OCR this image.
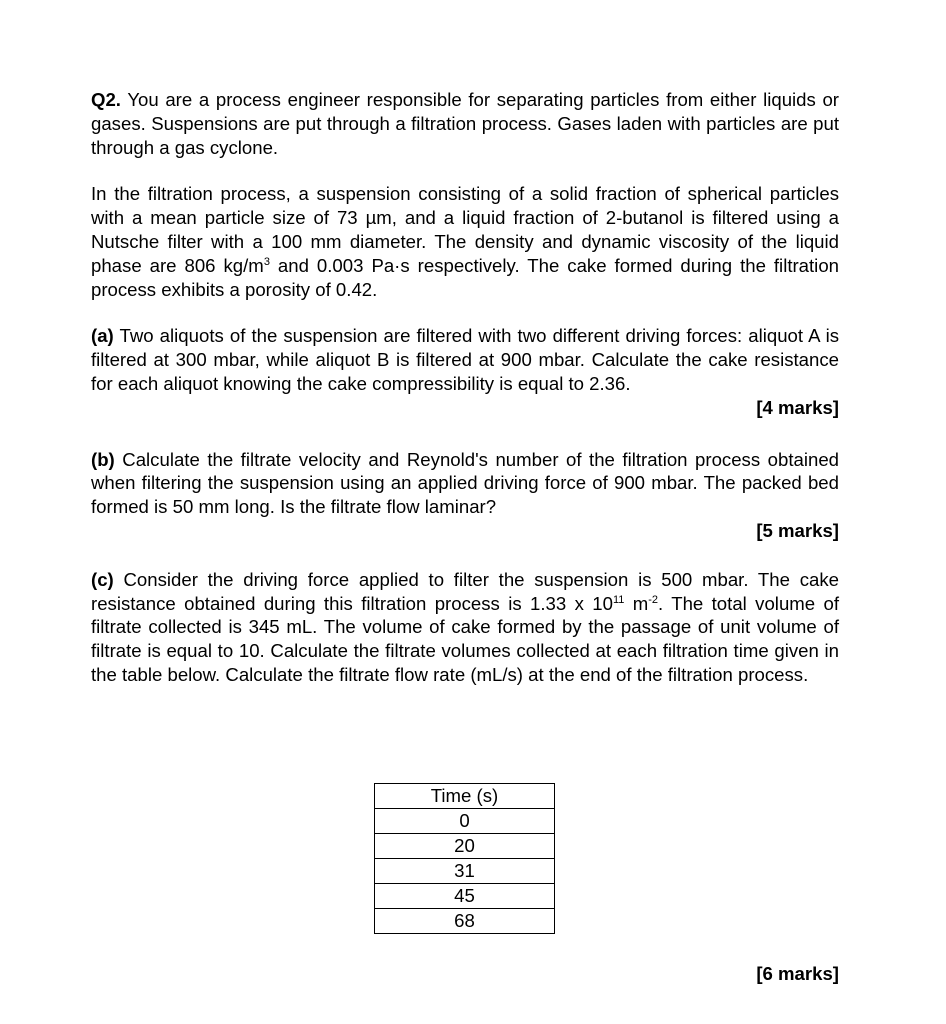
Q2. You are a process engineer responsible for separating particles from either liquids or gases. Suspensions are put through a filtration process. Gases laden with particles are put through a gas cyclone.

In the filtration process, a suspension consisting of a solid fraction of spherical particles with a mean particle size of 73 µm, and a liquid fraction of 2-butanol is filtered using a Nutsche filter with a 100 mm diameter. The density and dynamic viscosity of the liquid phase are 806 $kg/m^3$ and 0.003 Pa·s respectively. The cake formed during the filtration process exhibits a porosity of 0.42.

(a) Two aliquots of the suspension are filtered with two different driving forces: aliquot A is filtered at 300 mbar, while aliquot B is filtered at 900 mbar. Calculate the cake resistance for each aliquot knowing the cake compressibility is equal to 2.36.

[4 marks]

(b) Calculate the filtrate velocity and Reynold's number of the filtration process obtained when filtering the suspension using an applied driving force of 900 mbar. The packed bed formed is 50 mm long. Is the filtrate flow laminar?

[5 marks]

(c) Consider the driving force applied to filter the suspension is 500 mbar. The cake resistance obtained during this filtration process is 1.33 x $10^{11}$ $m^{-2}$. The total volume of filtrate collected is 345 mL. The volume of cake formed by the passage of unit volume of filtrate is equal to 10. Calculate the filtrate volumes collected at each filtration time given in the table below. Calculate the filtrate flow rate (mL/s) at the end of the filtration process.

Time (s)
0
20
31
45
68
[6 marks]
